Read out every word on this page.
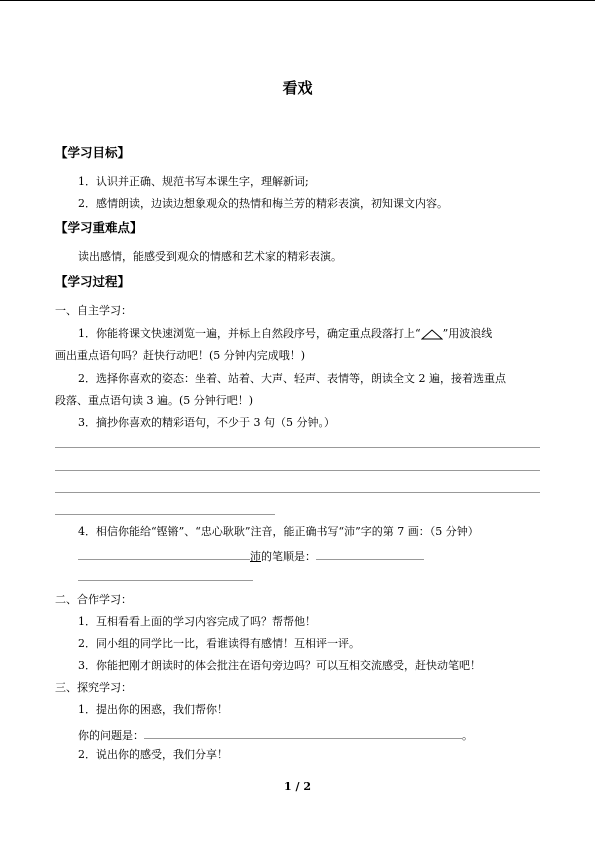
看戏
【学习目标】
1．认识并正确、规范书写本课生字，理解新词;
2．感情朗读，边读边想象观众的热情和梅兰芳的精彩表演，初知课文内容。
【学习重难点】
读出感情，能感受到观众的情感和艺术家的精彩表演。
【学习过程】
一、自主学习：
1．你能将课文快速浏览一遍，并标上自然段序号，确定重点段落打上“ ”用波浪线
画出重点语句吗？赶快行动吧！(5 分钟内完成哦！)
2．选择你喜欢的姿态：坐着、站着、大声、轻声、表情等，朗读全文 2 遍，接着选重点
段落、重点语句读 3 遍。(5 分钟行吧！)
3．摘抄你喜欢的精彩语句，不少于 3 句（5 分钟。）
4．相信你能给“铿锵”、“忠心耿耿”注音，能正确书写“沛”字的第 7 画：（5 分钟）
沛的笔顺是：
二、合作学习：
1．互相看看上面的学习内容完成了吗？帮帮他！
2．同小组的同学比一比，看谁读得有感情！互相评一评。
3．你能把刚才朗读时的体会批注在语句旁边吗？可以互相交流感受，赶快动笔吧！
三、探究学习：
1．提出你的困惑，我们帮你！
你的问题是：	。
2．说出你的感受，我们分享！
1 / 2
